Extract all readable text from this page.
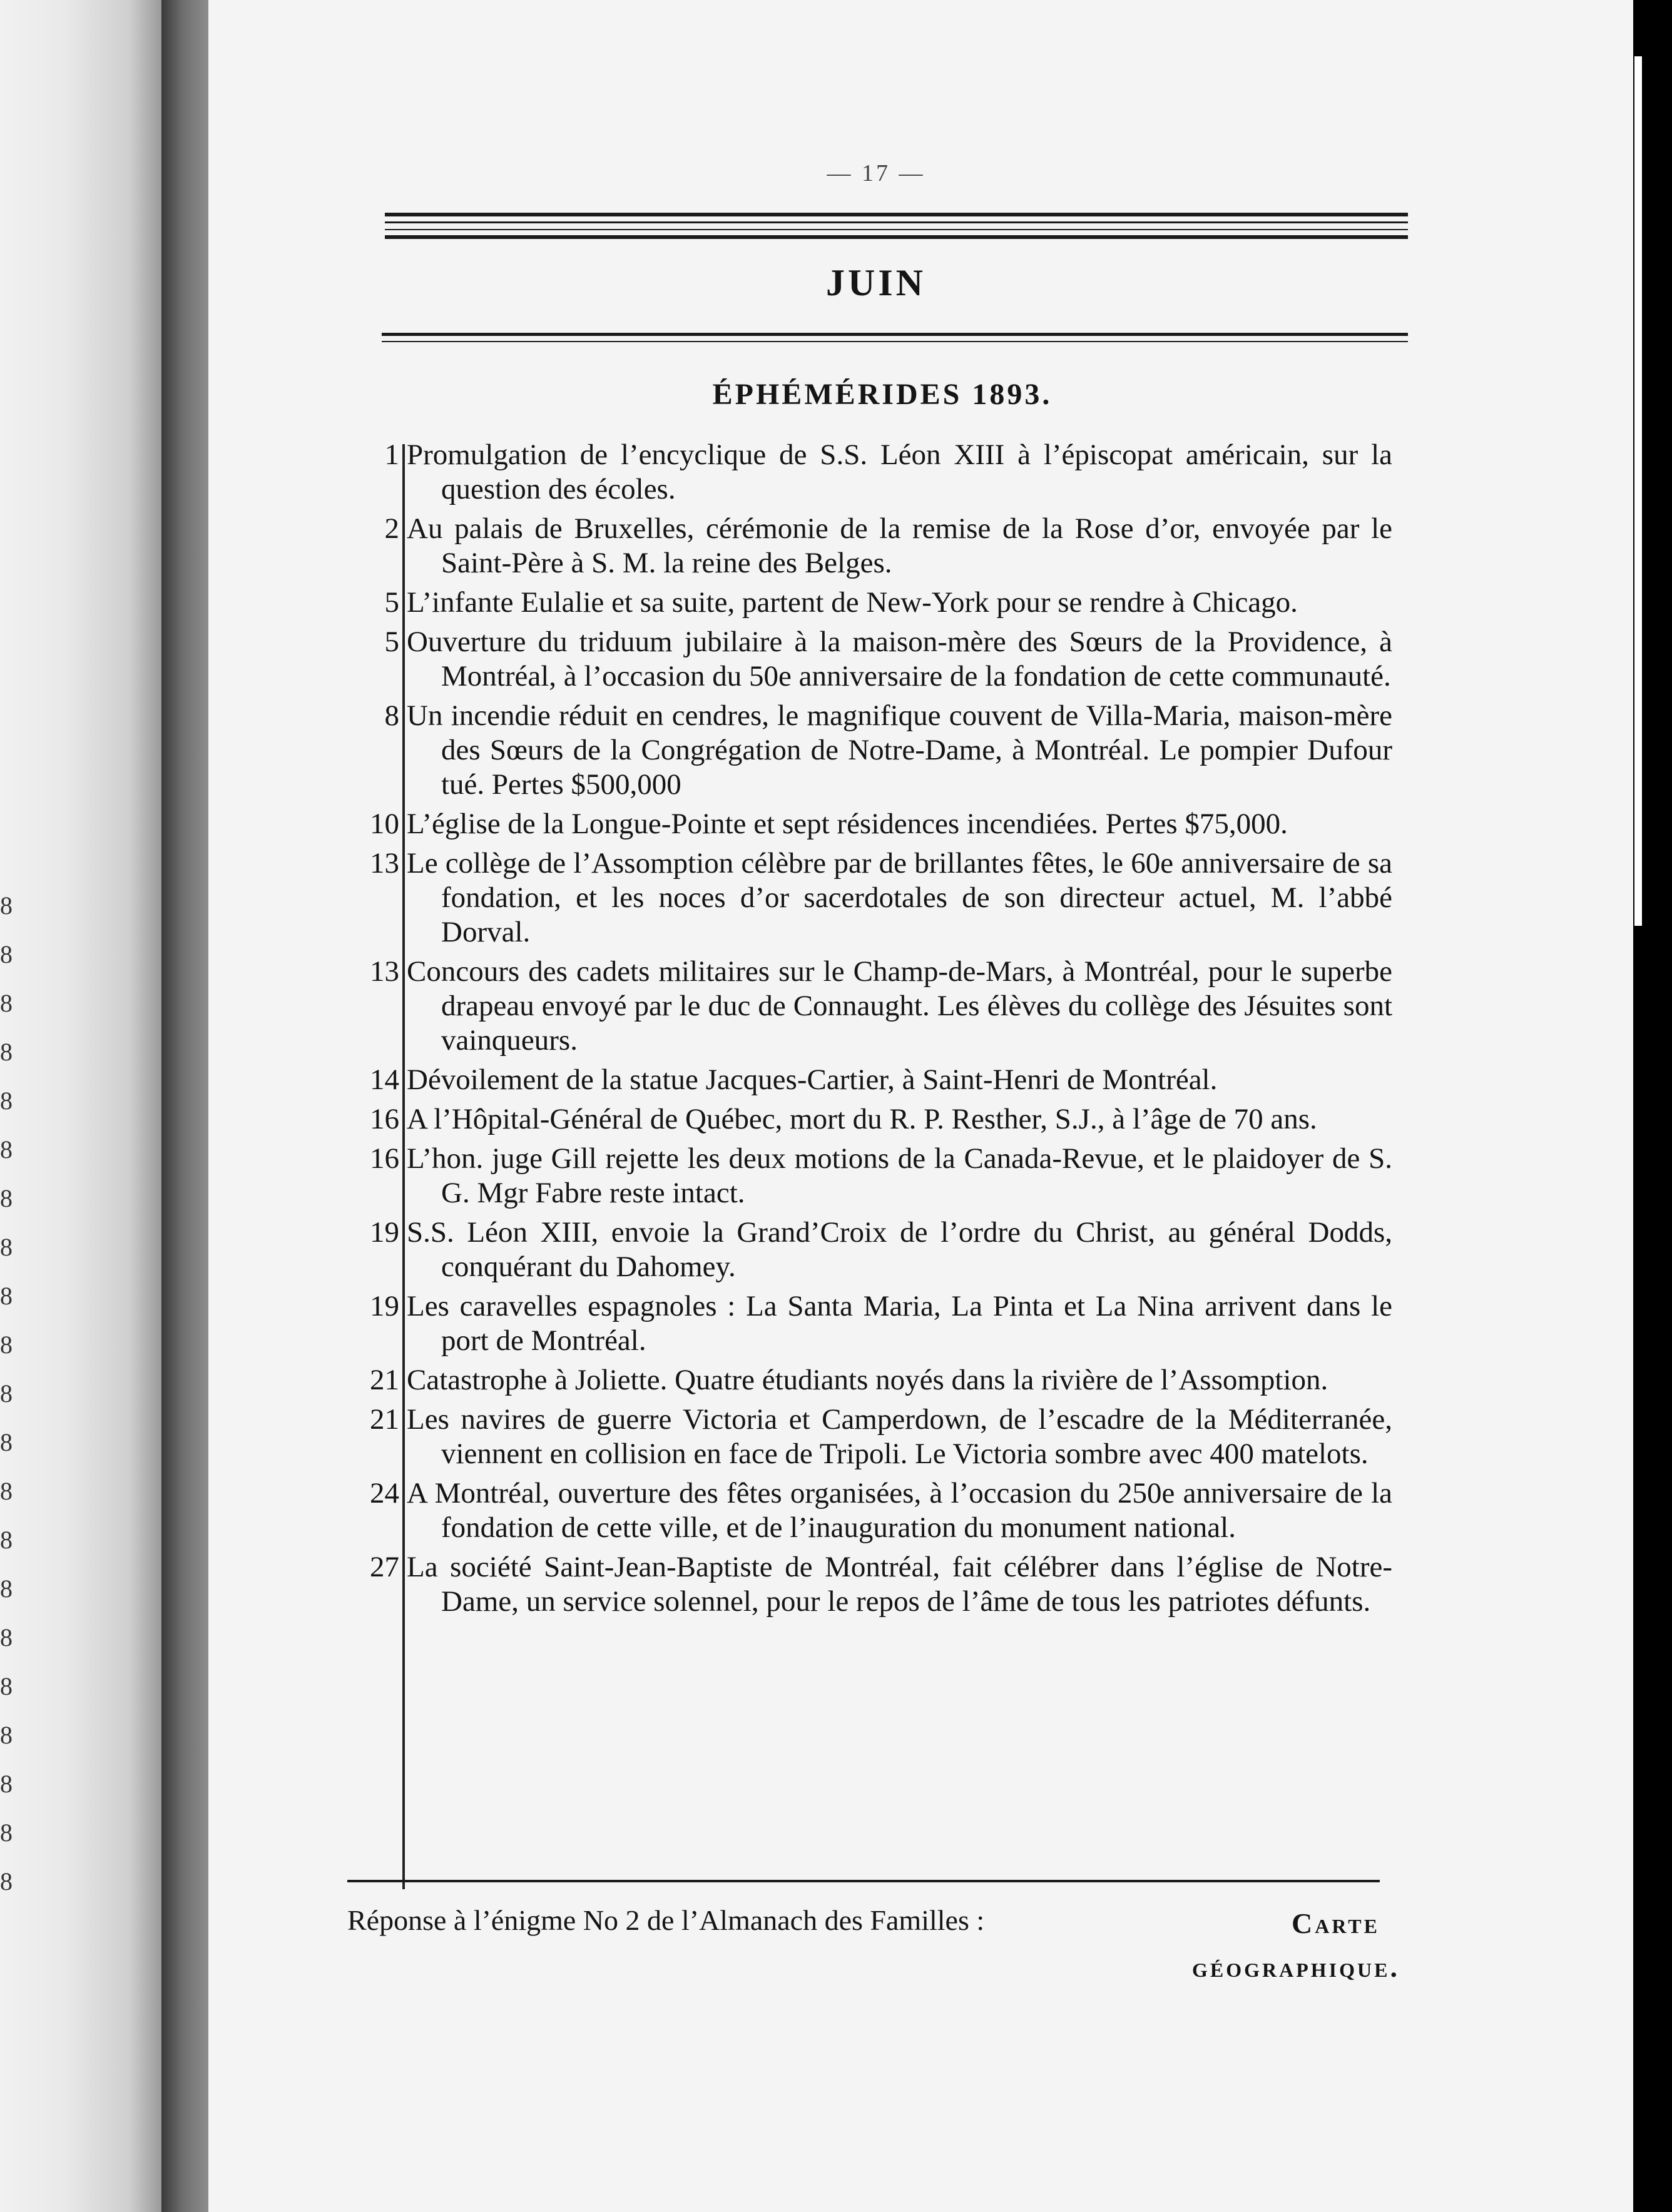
8
8
8
8
8
8
8
8
8
8
8
8
8
8
8
8
8
8
8
8
8
— 17 —
JUIN
ÉPHÉMÉRIDES 1893.
1 Promulgation de l’encyclique de S.S. Léon XIII à l’épiscopat américain, sur la question des écoles.
2 Au palais de Bruxelles, cérémonie de la remise de la Rose d’or, envoyée par le Saint-Père à S. M. la reine des Belges.
5 L’infante Eulalie et sa suite, partent de New-York pour se rendre à Chicago.
5 Ouverture du triduum jubilaire à la maison-mère des Sœurs de la Providence, à Montréal, à l’occasion du 50e anniversaire de la fondation de cette communauté.
8 Un incendie réduit en cendres, le magnifique couvent de Villa-Maria, maison-mère des Sœurs de la Congrégation de Notre-Dame, à Montréal. Le pompier Dufour tué. Pertes $500,000
10 L’église de la Longue-Pointe et sept résidences incendiées. Pertes $75,000.
13 Le collège de l’Assomption célèbre par de brillantes fêtes, le 60e anniversaire de sa fondation, et les noces d’or sacerdotales de son directeur actuel, M. l’abbé Dorval.
13 Concours des cadets militaires sur le Champ-de-Mars, à Montréal, pour le superbe drapeau envoyé par le duc de Connaught. Les élèves du collège des Jésuites sont vainqueurs.
14 Dévoilement de la statue Jacques-Cartier, à Saint-Henri de Montréal.
16 A l’Hôpital-Général de Québec, mort du R. P. Resther, S.J., à l’âge de 70 ans.
16 L’hon. juge Gill rejette les deux motions de la Canada-Revue, et le plaidoyer de S. G. Mgr Fabre reste intact.
19 S.S. Léon XIII, envoie la Grand’Croix de l’ordre du Christ, au général Dodds, conquérant du Dahomey.
19 Les caravelles espagnoles : La Santa Maria, La Pinta et La Nina arrivent dans le port de Montréal.
21 Catastrophe à Joliette. Quatre étudiants noyés dans la rivière de l’Assomption.
21 Les navires de guerre Victoria et Camperdown, de l’escadre de la Méditerranée, viennent en collision en face de Tripoli. Le Victoria sombre avec 400 matelots.
24 A Montréal, ouverture des fêtes organisées, à l’occasion du 250e anniversaire de la fondation de cette ville, et de l’inauguration du monument national.
27 La société Saint-Jean-Baptiste de Montréal, fait célébrer dans l’église de Notre-Dame, un service solennel, pour le repos de l’âme de tous les patriotes défunts.
Réponse à l’énigme No 2 de l’Almanach des Familles :	Carte géographique.
